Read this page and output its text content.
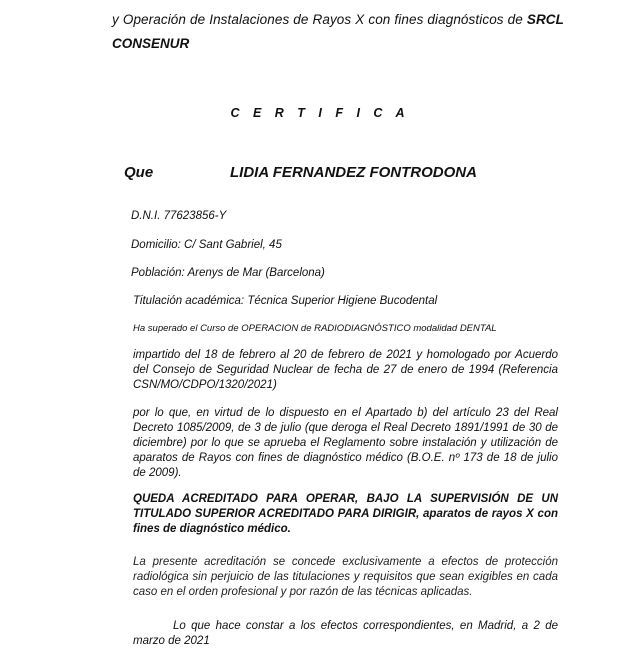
y Operación de Instalaciones de Rayos X con fines diagnósticos de SRCL

CONSENUR

C E R T I F I C A

Que	LIDIA FERNANDEZ FONTRODONA

D.N.I. 77623856-Y

Domicilio: C/ Sant Gabriel, 45

Población: Arenys de Mar (Barcelona)

Titulación académica: Técnica Superior Higiene Bucodental

Ha superado el Curso de OPERACION de RADIODIAGNÓSTICO modalidad DENTAL

impartido del 18 de febrero al 20 de febrero de 2021 y homologado por Acuerdo del Consejo de Seguridad Nuclear de fecha de 27 de enero de 1994 (Referencia CSN/MO/CDPO/1320/2021)

por lo que, en virtud de lo dispuesto en el Apartado b) del artículo 23 del Real Decreto 1085/2009, de 3 de julio (que deroga el Real Decreto 1891/1991 de 30 de diciembre) por lo que se aprueba el Reglamento sobre instalación y utilización de aparatos de Rayos con fines de diagnóstico médico (B.O.E. nº 173 de 18 de julio de 2009).

QUEDA ACREDITADO PARA OPERAR, BAJO LA SUPERVISIÓN DE UN TITULADO SUPERIOR ACREDITADO PARA DIRIGIR, aparatos de rayos X con fines de diagnóstico médico.

La presente acreditación se concede exclusivamente a efectos de protección radiológica sin perjuicio de las titulaciones y requisitos que sean exigibles en cada caso en el orden profesional y por razón de las técnicas aplicadas.

Lo que hace constar a los efectos correspondientes, en Madrid, a 2 de marzo de 2021
